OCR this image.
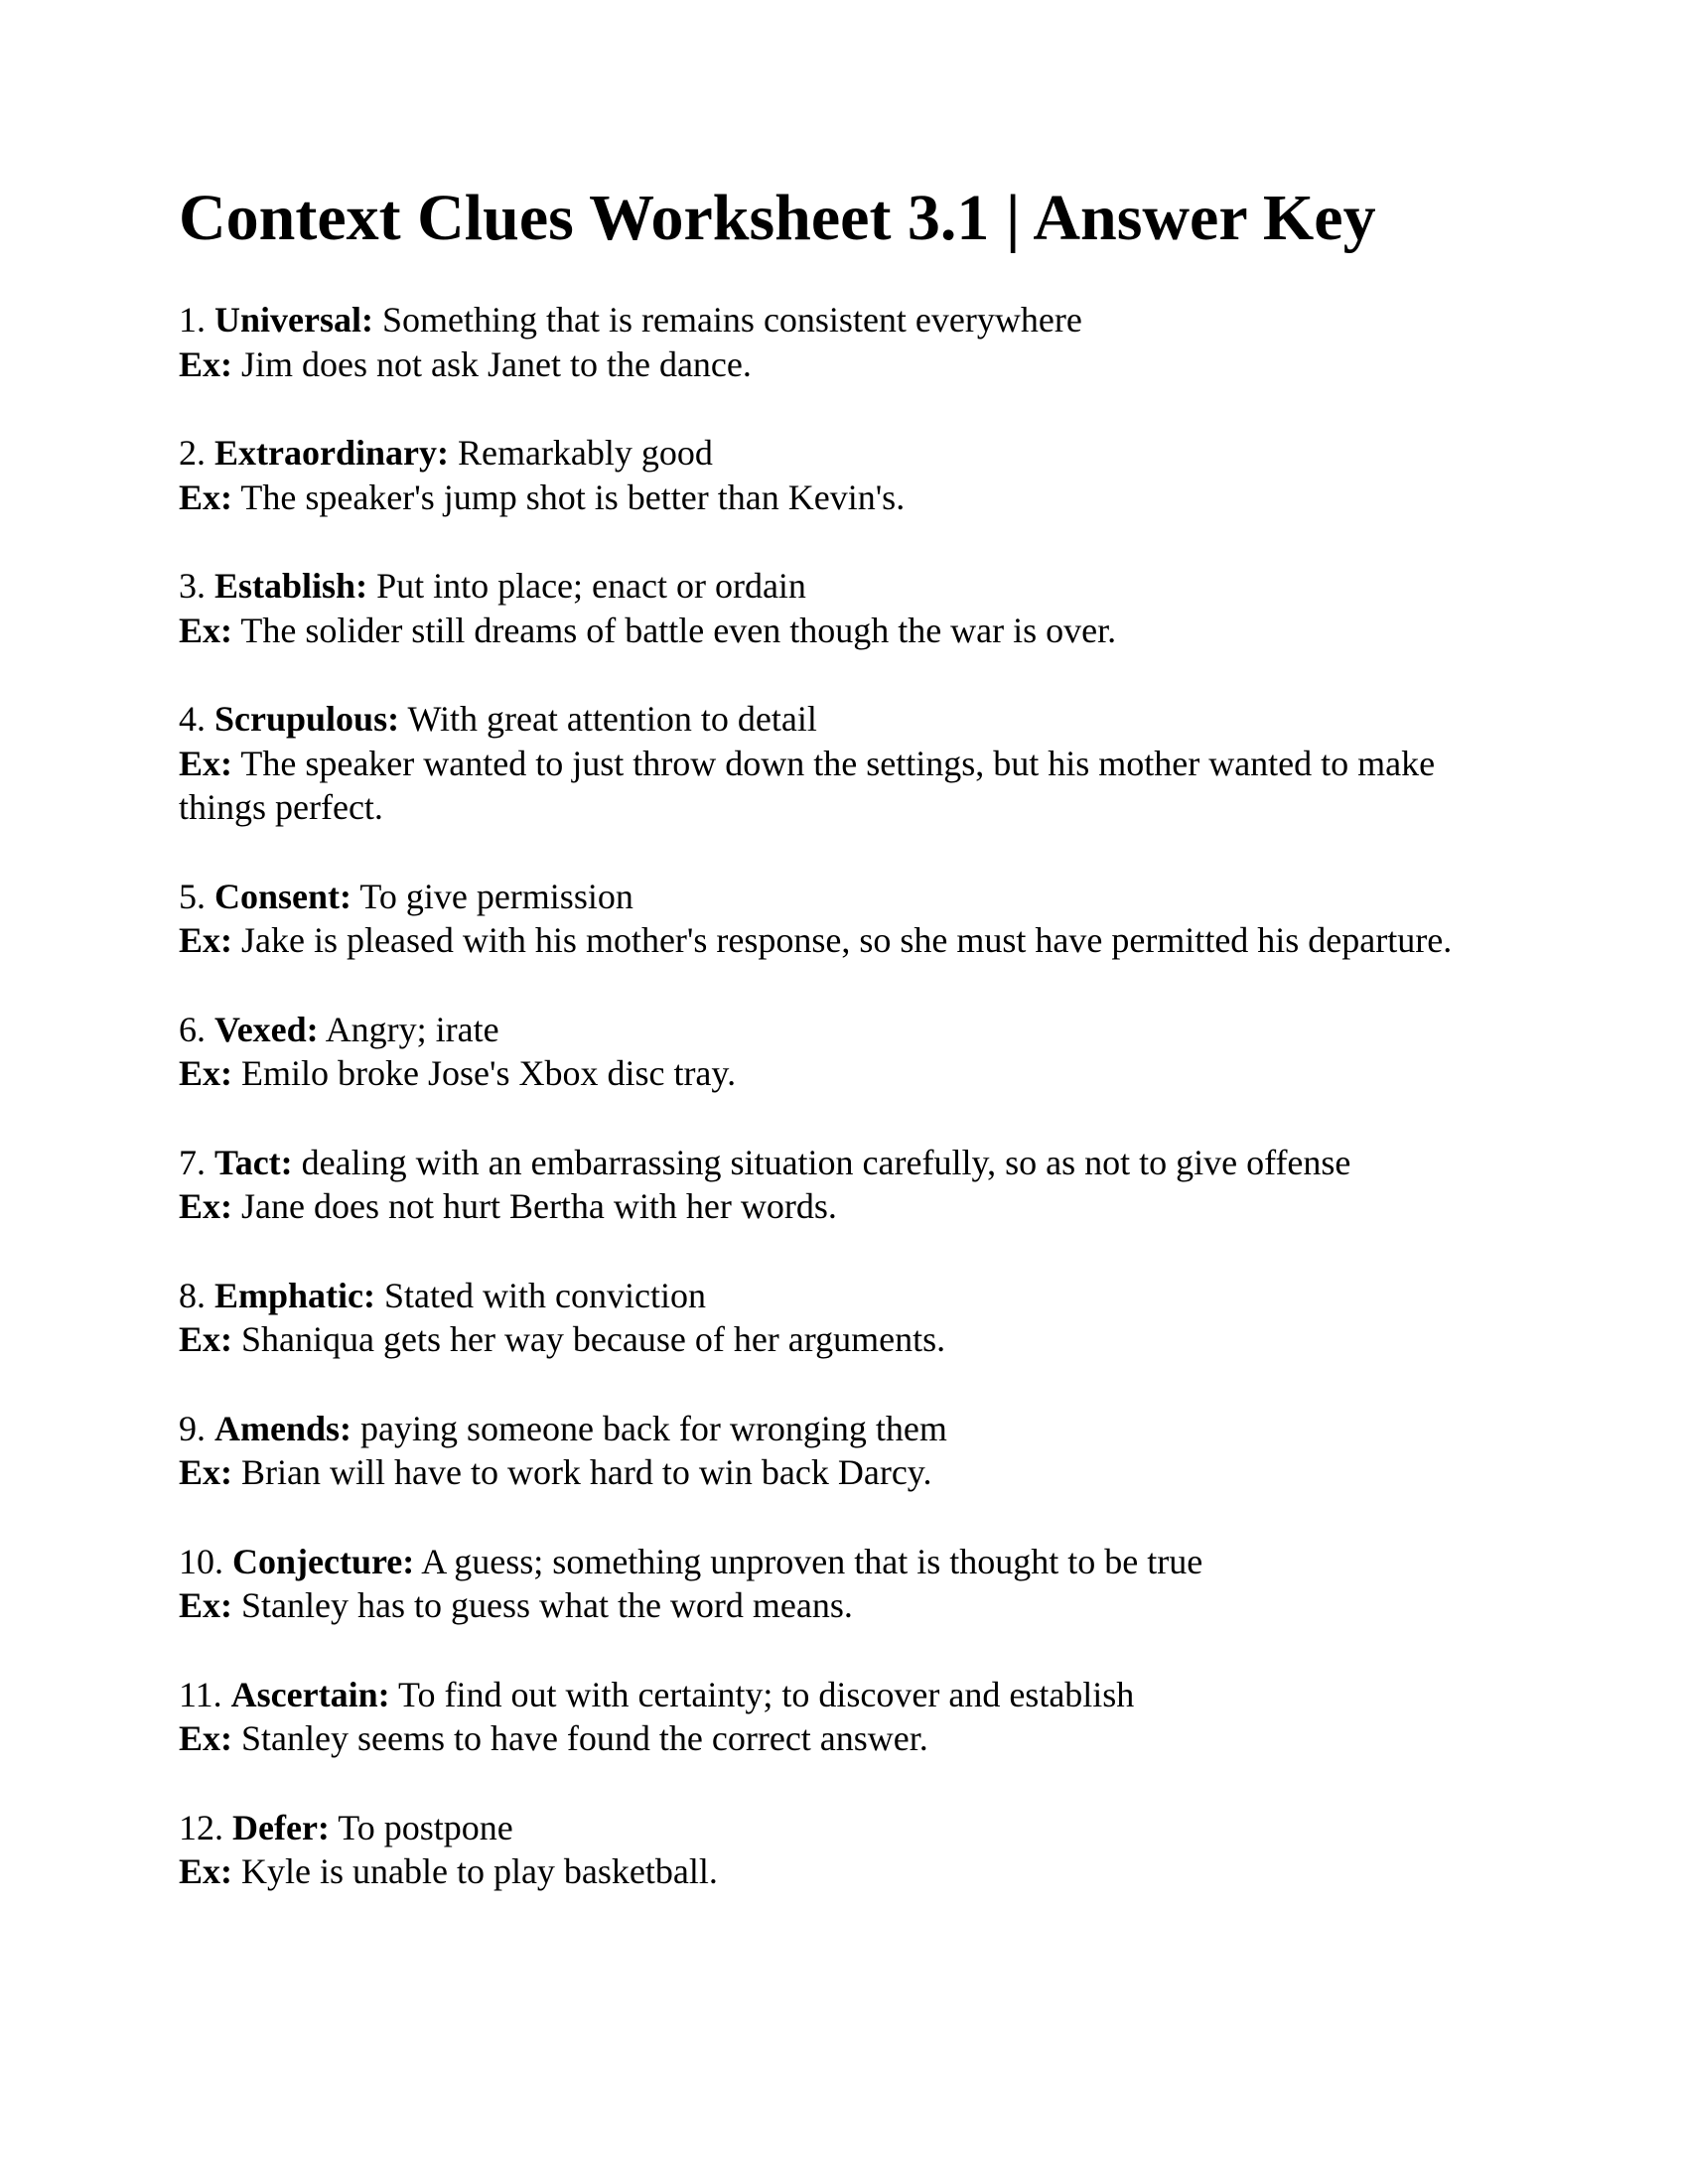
Context Clues Worksheet 3.1 | Answer Key
1. Universal: Something that is remains consistent everywhere
Ex: Jim does not ask Janet to the dance.
2. Extraordinary: Remarkably good
Ex: The speaker's jump shot is better than Kevin's.
3. Establish: Put into place; enact or ordain
Ex: The solider still dreams of battle even though the war is over.
4. Scrupulous: With great attention to detail
Ex: The speaker wanted to just throw down the settings, but his mother wanted to make things perfect.
5. Consent: To give permission
Ex: Jake is pleased with his mother's response, so she must have permitted his departure.
6. Vexed: Angry; irate
Ex: Emilo broke Jose's Xbox disc tray.
7. Tact: dealing with an embarrassing situation carefully, so as not to give offense
Ex: Jane does not hurt Bertha with her words.
8. Emphatic: Stated with conviction
Ex: Shaniqua gets her way because of her arguments.
9. Amends: paying someone back for wronging them
Ex: Brian will have to work hard to win back Darcy.
10. Conjecture: A guess; something unproven that is thought to be true
Ex: Stanley has to guess what the word means.
11. Ascertain: To find out with certainty; to discover and establish
Ex: Stanley seems to have found the correct answer.
12. Defer: To postpone
Ex: Kyle is unable to play basketball.
